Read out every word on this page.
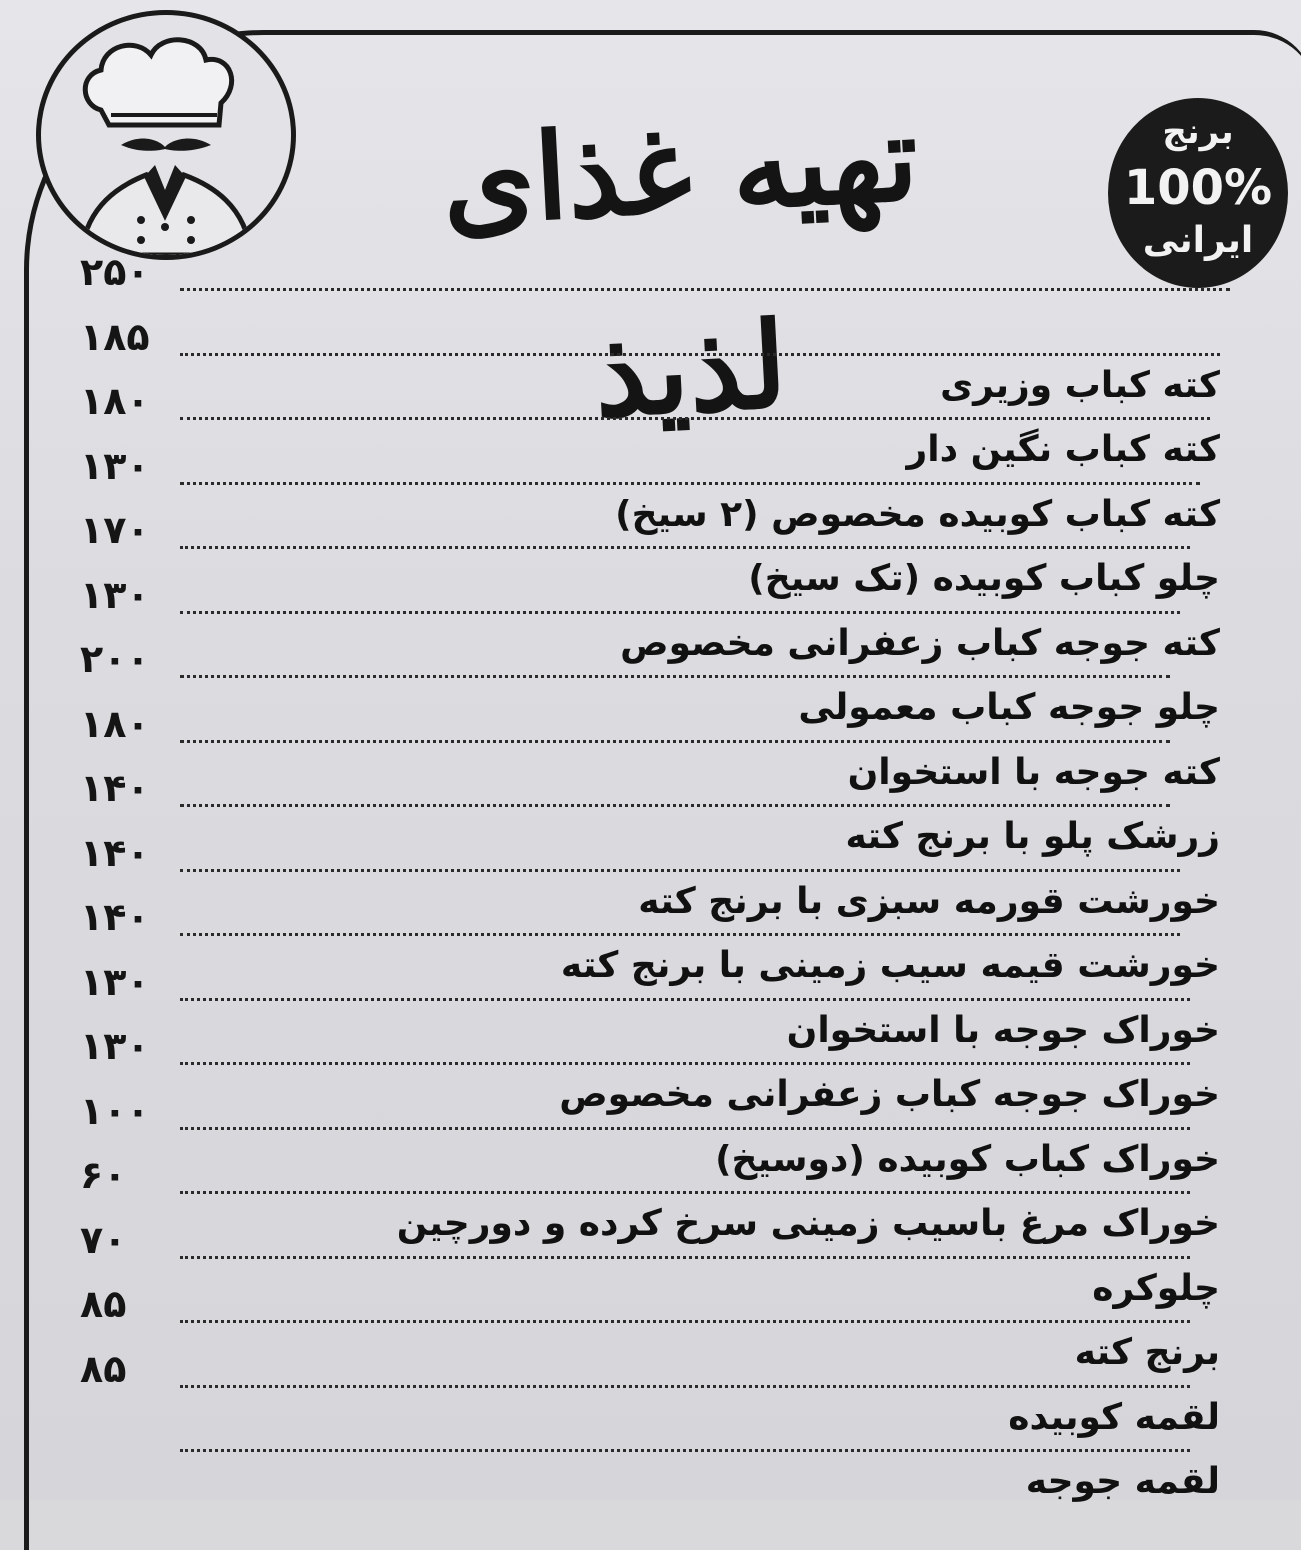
تهیه غذای لذیذ
برنج
100%
ایرانی
۲۵۰
کته کباب وزیری
۱۸۵
کته کباب نگین دار
۱۸۰
کته کباب کوبیده مخصوص (۲ سیخ)
۱۳۰
چلو کباب کوبیده (تک سیخ)
۱۷۰
کته جوجه کباب زعفرانی مخصوص
۱۳۰
چلو جوجه کباب معمولی
۲۰۰
کته جوجه با استخوان
۱۸۰
زرشک پلو با برنج کته
۱۴۰
خورشت قورمه سبزی با برنج کته
۱۴۰
خورشت قیمه سیب زمینی با برنج کته
۱۴۰
خوراک جوجه با استخوان
۱۳۰
خوراک جوجه کباب زعفرانی مخصوص
۱۳۰
خوراک کباب کوبیده (دوسیخ)
۱۰۰
خوراک مرغ باسیب زمینی سرخ کرده و دورچین
۶۰
چلوکره
۷۰
برنج کته
۸۵
لقمه کوبیده
۸۵
لقمه جوجه
